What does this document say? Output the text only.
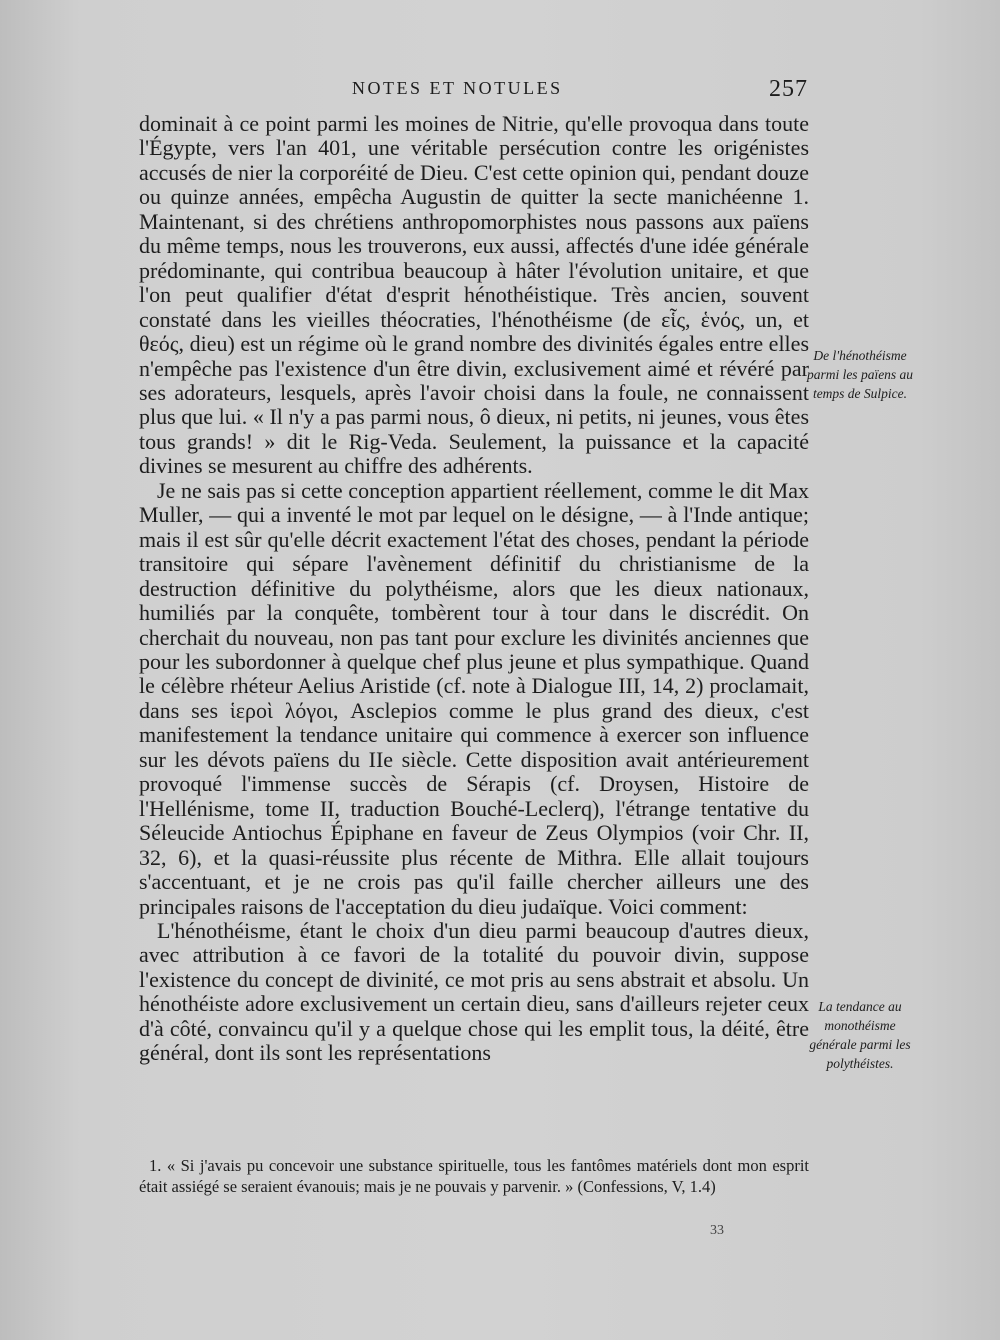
NOTES ET NOTULES	257

dominait à ce point parmi les moines de Nitrie, qu'elle provoqua dans toute l'Égypte, vers l'an 401, une véritable persécution contre les origénistes accusés de nier la corporéité de Dieu. C'est cette opinion qui, pendant douze ou quinze années, empêcha Augustin de quitter la secte manichéenne 1. Maintenant, si des chrétiens anthropomorphistes nous passons aux païens du même temps, nous les trouverons, eux aussi, affectés d'une idée générale prédominante, qui contribua beaucoup à hâter l'évolution unitaire, et que l'on peut qualifier d'état d'esprit hénothéistique. Très ancien, souvent constaté dans les vieilles théocraties, l'hénothéisme (de εἷς, ἑνός, un, et θεός, dieu) est un régime où le grand nombre des divinités égales entre elles n'empêche pas l'existence d'un être divin, exclusivement aimé et révéré par ses adorateurs, lesquels, après l'avoir choisi dans la foule, ne connaissent plus que lui. « Il n'y a pas parmi nous, ô dieux, ni petits, ni jeunes, vous êtes tous grands! » dit le Rig-Veda. Seulement, la puissance et la capacité divines se mesurent au chiffre des adhérents.

Je ne sais pas si cette conception appartient réellement, comme le dit Max Muller, — qui a inventé le mot par lequel on le désigne, — à l'Inde antique; mais il est sûr qu'elle décrit exactement l'état des choses, pendant la période transitoire qui sépare l'avènement définitif du christianisme de la destruction définitive du polythéisme, alors que les dieux nationaux, humiliés par la conquête, tombèrent tour à tour dans le discrédit. On cherchait du nouveau, non pas tant pour exclure les divinités anciennes que pour les subordonner à quelque chef plus jeune et plus sympathique. Quand le célèbre rhéteur Aelius Aristide (cf. note à Dialogue III, 14, 2) proclamait, dans ses ἱεροὶ λόγοι, Asclepios comme le plus grand des dieux, c'est manifestement la tendance unitaire qui commence à exercer son influence sur les dévots païens du IIe siècle. Cette disposition avait antérieurement provoqué l'immense succès de Sérapis (cf. Droysen, Histoire de l'Hellénisme, tome II, traduction Bouché-Leclerq), l'étrange tentative du Séleucide Antiochus Épiphane en faveur de Zeus Olympios (voir Chr. II, 32, 6), et la quasi-réussite plus récente de Mithra. Elle allait toujours s'accentuant, et je ne crois pas qu'il faille chercher ailleurs une des principales raisons de l'acceptation du dieu judaïque. Voici comment:

L'hénothéisme, étant le choix d'un dieu parmi beaucoup d'autres dieux, avec attribution à ce favori de la totalité du pouvoir divin, suppose l'existence du concept de divinité, ce mot pris au sens abstrait et absolu. Un hénothéiste adore exclusivement un certain dieu, sans d'ailleurs rejeter ceux d'à côté, convaincu qu'il y a quelque chose qui les emplit tous, la déité, être général, dont ils sont les représentations

De l'hénothéisme parmi les païens au temps de Sulpice.
La tendance au monothéisme générale parmi les polythéistes.
1. « Si j'avais pu concevoir une substance spirituelle, tous les fantômes matériels dont mon esprit était assiégé se seraient évanouis; mais je ne pouvais y parvenir. » (Confessions, V, 1.4)
33
